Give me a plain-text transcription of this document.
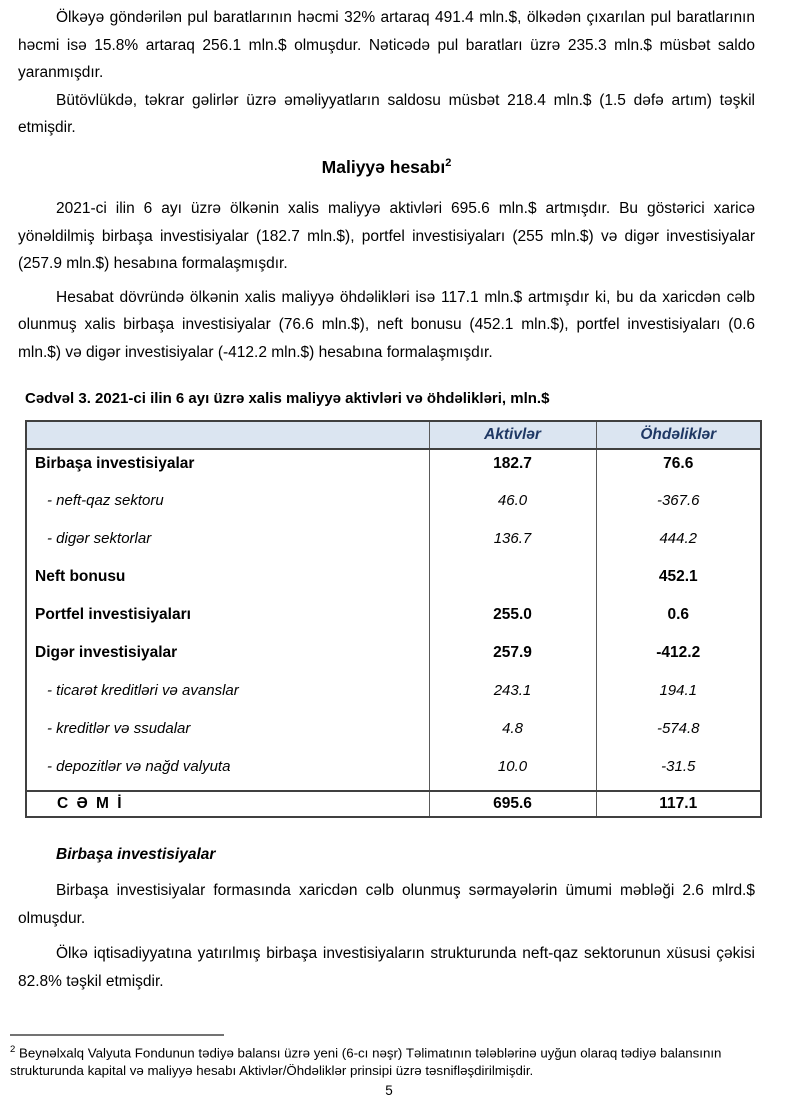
Ölkəyə göndərilən pul baratlarının həcmi 32% artaraq 491.4 mln.$, ölkədən çıxarılan pul baratlarının həcmi isə 15.8% artaraq 256.1 mln.$ olmuşdur. Nəticədə pul baratları üzrə 235.3 mln.$ müsbət saldo yaranmışdır.

Bütövlükdə, təkrar gəlirlər üzrə əməliyyatların saldosu müsbət 218.4 mln.$ (1.5 dəfə artım) təşkil etmişdir.

Maliyyə hesabı$^2$

2021-ci ilin 6 ayı üzrə ölkənin xalis maliyyə aktivləri 695.6 mln.$ artmışdır. Bu göstərici xaricə yönəldilmiş birbaşa investisiyalar (182.7 mln.$), portfel investisiyaları (255 mln.$) və digər investisiyalar (257.9 mln.$) hesabına formalaşmışdır.

Hesabat dövründə ölkənin xalis maliyyə öhdəlikləri isə 117.1 mln.$ artmışdır ki, bu da xaricdən cəlb olunmuş xalis birbaşa investisiyalar (76.6 mln.$), neft bonusu (452.1 mln.$), portfel investisiyaları (0.6 mln.$) və digər investisiyalar (-412.2 mln.$) hesabına formalaşmışdır.

Cədvəl 3. 2021-ci ilin 6 ayı üzrə xalis maliyyə aktivləri və öhdəlikləri, mln.$

	Aktivlər	Öhdəliklər
Birbaşa investisiyalar	182.7	76.6
- neft-qaz sektoru	46.0	-367.6
- digər sektorlar	136.7	444.2
Neft bonusu		452.1
Portfel investisiyaları	255.0	0.6
Digər investisiyalar	257.9	-412.2
- ticarət kreditləri və avanslar	243.1	194.1
- kreditlər və ssudalar	4.8	-574.8
- depozitlər və nağd valyuta	10.0	-31.5
C Ə M İ	695.6	117.1
Birbaşa investisiyalar

Birbaşa investisiyalar formasında xaricdən cəlb olunmuş sərmayələrin ümumi məbləği 2.6 mlrd.$ olmuşdur.

Ölkə iqtisadiyyatına yatırılmış birbaşa investisiyaların strukturunda neft-qaz sektorunun xüsusi çəkisi 82.8% təşkil etmişdir.

$^2$ Beynəlxalq Valyuta Fondunun tədiyə balansı üzrə yeni (6-cı nəşr) Təlimatının tələblərinə uyğun olaraq tədiyə balansının strukturunda kapital və maliyyə hesabı Aktivlər/Öhdəliklər prinsipi üzrə təsnifləşdirilmişdir.

5
